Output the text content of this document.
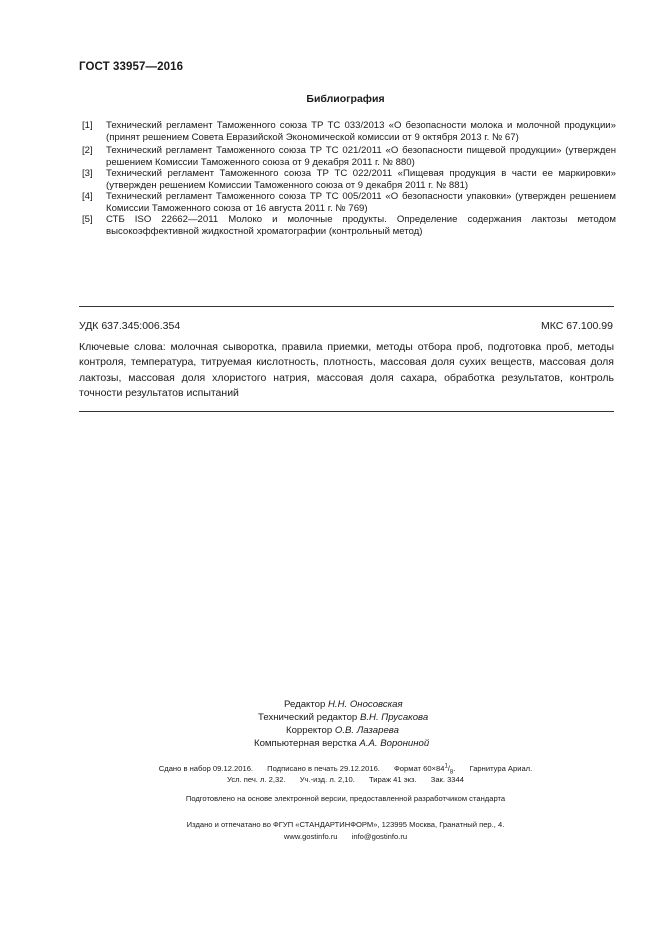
ГОСТ 33957—2016
Библиография
[1]	Технический регламент Таможенного союза ТР ТС 033/2013 «О безопасности молока и молочной продукции» (принят решением Совета Евразийской Экономической комиссии от 9 октября 2013 г. № 67)
[2]	Технический регламент Таможенного союза ТР ТС 021/2011 «О безопасности пищевой продукции» (утвержден решением Комиссии Таможенного союза от 9 декабря 2011 г. № 880)
[3]	Технический регламент Таможенного союза ТР ТС 022/2011 «Пищевая продукция в части ее маркировки» (утвержден решением Комиссии Таможенного союза от 9 декабря 2011 г. № 881)
[4]	Технический регламент Таможенного союза ТР ТС 005/2011 «О безопасности упаковки» (утвержден решением Комиссии Таможенного союза от 16 августа 2011 г. № 769)
[5]	СТБ ISO 22662—2011 Молоко и молочные продукты. Определение содержания лактозы методом высокоэффективной жидкостной хроматографии (контрольный метод)
УДК 637.345:006.354	МКС 67.100.99
Ключевые слова: молочная сыворотка, правила приемки, методы отбора проб, подготовка проб, методы контроля, температура, титруемая кислотность, плотность, массовая доля сухих веществ, массовая доля лактозы, массовая доля хлористого натрия, массовая доля сахара, обработка результатов, контроль точности результатов испытаний
Редактор Н.Н. Оносовская
Технический редактор В.Н. Прусакова
Корректор О.В. Лазарева
Компьютерная верстка А.А. Ворониной
Сдано в набор 09.12.2016. Подписано в печать 29.12.2016. Формат $60\times 84^1/_8$. Гарнитура Ариал.
Усл. печ. л. 2,32. Уч.-изд. л. 2,10. Тираж 41 экз. Зак. 3344
Подготовлено на основе электронной версии, предоставленной разработчиком стандарта
Издано и отпечатано во ФГУП «СТАНДАРТИНФОРМ», 123995 Москва, Гранатный пер., 4.
www.gostinfo.ru info@gostinfo.ru
